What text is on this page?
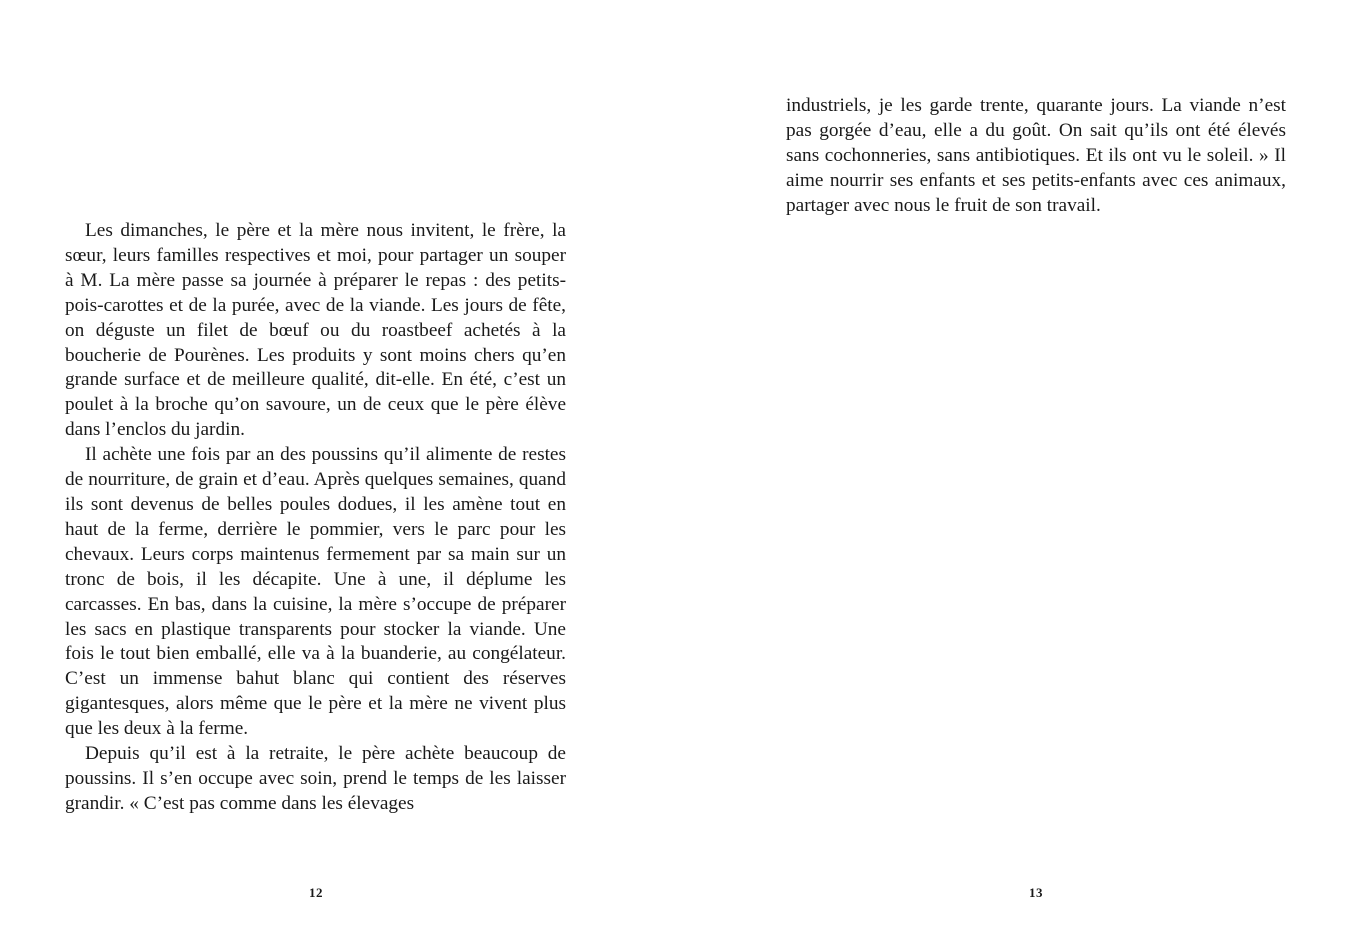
Les dimanches, le père et la mère nous invitent, le frère, la sœur, leurs familles respectives et moi, pour partager un souper à M. La mère passe sa journée à préparer le repas : des petits-pois-carottes et de la purée, avec de la viande. Les jours de fête, on déguste un filet de bœuf ou du roastbeef achetés à la boucherie de Pourènes. Les produits y sont moins chers qu’en grande surface et de meilleure qualité, dit-elle. En été, c’est un poulet à la broche qu’on savoure, un de ceux que le père élève dans l’enclos du jardin.

Il achète une fois par an des poussins qu’il alimente de restes de nourriture, de grain et d’eau. Après quelques semaines, quand ils sont devenus de belles poules dodues, il les amène tout en haut de la ferme, derrière le pommier, vers le parc pour les chevaux. Leurs corps maintenus fermement par sa main sur un tronc de bois, il les décapite. Une à une, il déplume les carcasses. En bas, dans la cuisine, la mère s’occupe de préparer les sacs en plastique transparents pour stocker la viande. Une fois le tout bien emballé, elle va à la buanderie, au congélateur. C’est un immense bahut blanc qui contient des réserves gigantesques, alors même que le père et la mère ne vivent plus que les deux à la ferme.

Depuis qu’il est à la retraite, le père achète beaucoup de poussins. Il s’en occupe avec soin, prend le temps de les laisser grandir. « C’est pas comme dans les élevages

12

industriels, je les garde trente, quarante jours. La viande n’est pas gorgée d’eau, elle a du goût. On sait qu’ils ont été élevés sans cochonneries, sans antibiotiques. Et ils ont vu le soleil. » Il aime nourrir ses enfants et ses petits-enfants avec ces animaux, partager avec nous le fruit de son travail.

13
